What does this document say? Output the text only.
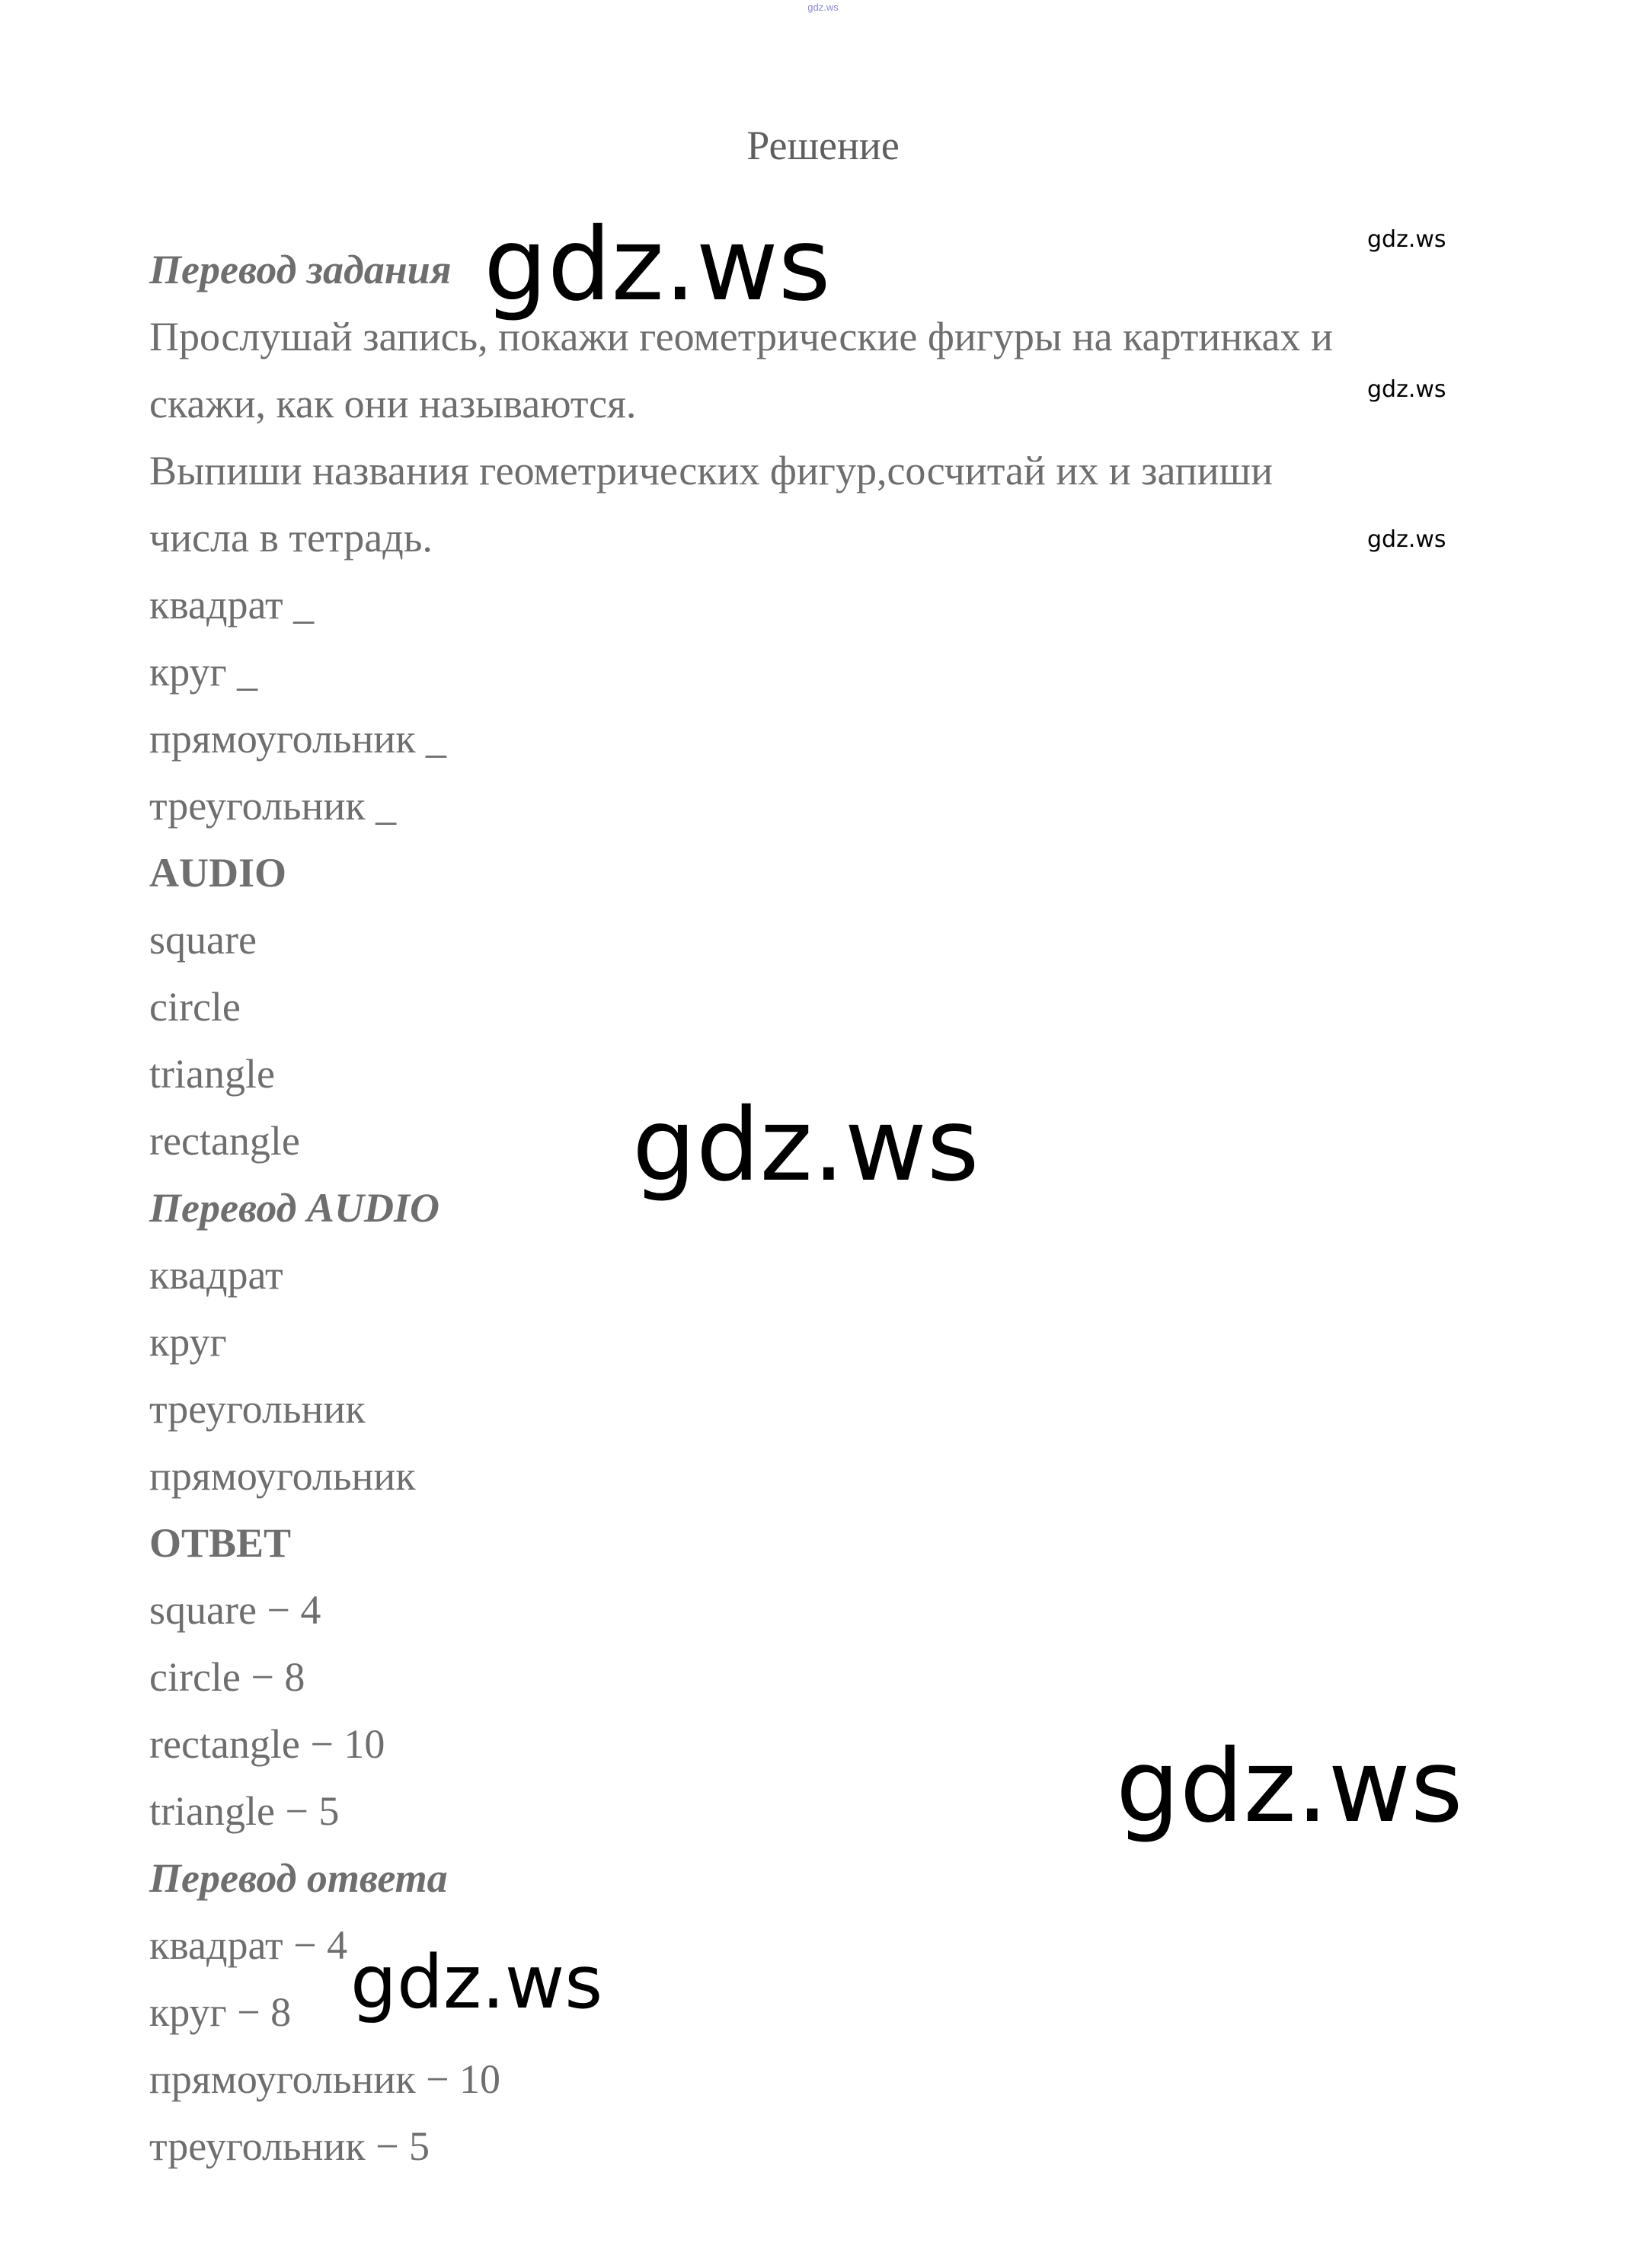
gdz.ws
Решение
Перевод задания
Прослушай запись, покажи геометрические фигуры на картинках и
скажи, как они называются.
Выпиши названия геометрических фигур,сосчитай их и запиши
числа в тетрадь.
квадрат _
круг _
прямоугольник _
треугольник _
AUDIO
square
circle
triangle
rectangle
Перевод AUDIO
квадрат
круг
треугольник
прямоугольник
ОТВЕТ
square − 4
circle − 8
rectangle − 10
triangle − 5
Перевод ответа
квадрат − 4
круг − 8
прямоугольник − 10
треугольник − 5
gdz.ws	gdz.ws
gdz.ws
gdz.ws
gdz.ws
gdz.ws
gdz.ws
